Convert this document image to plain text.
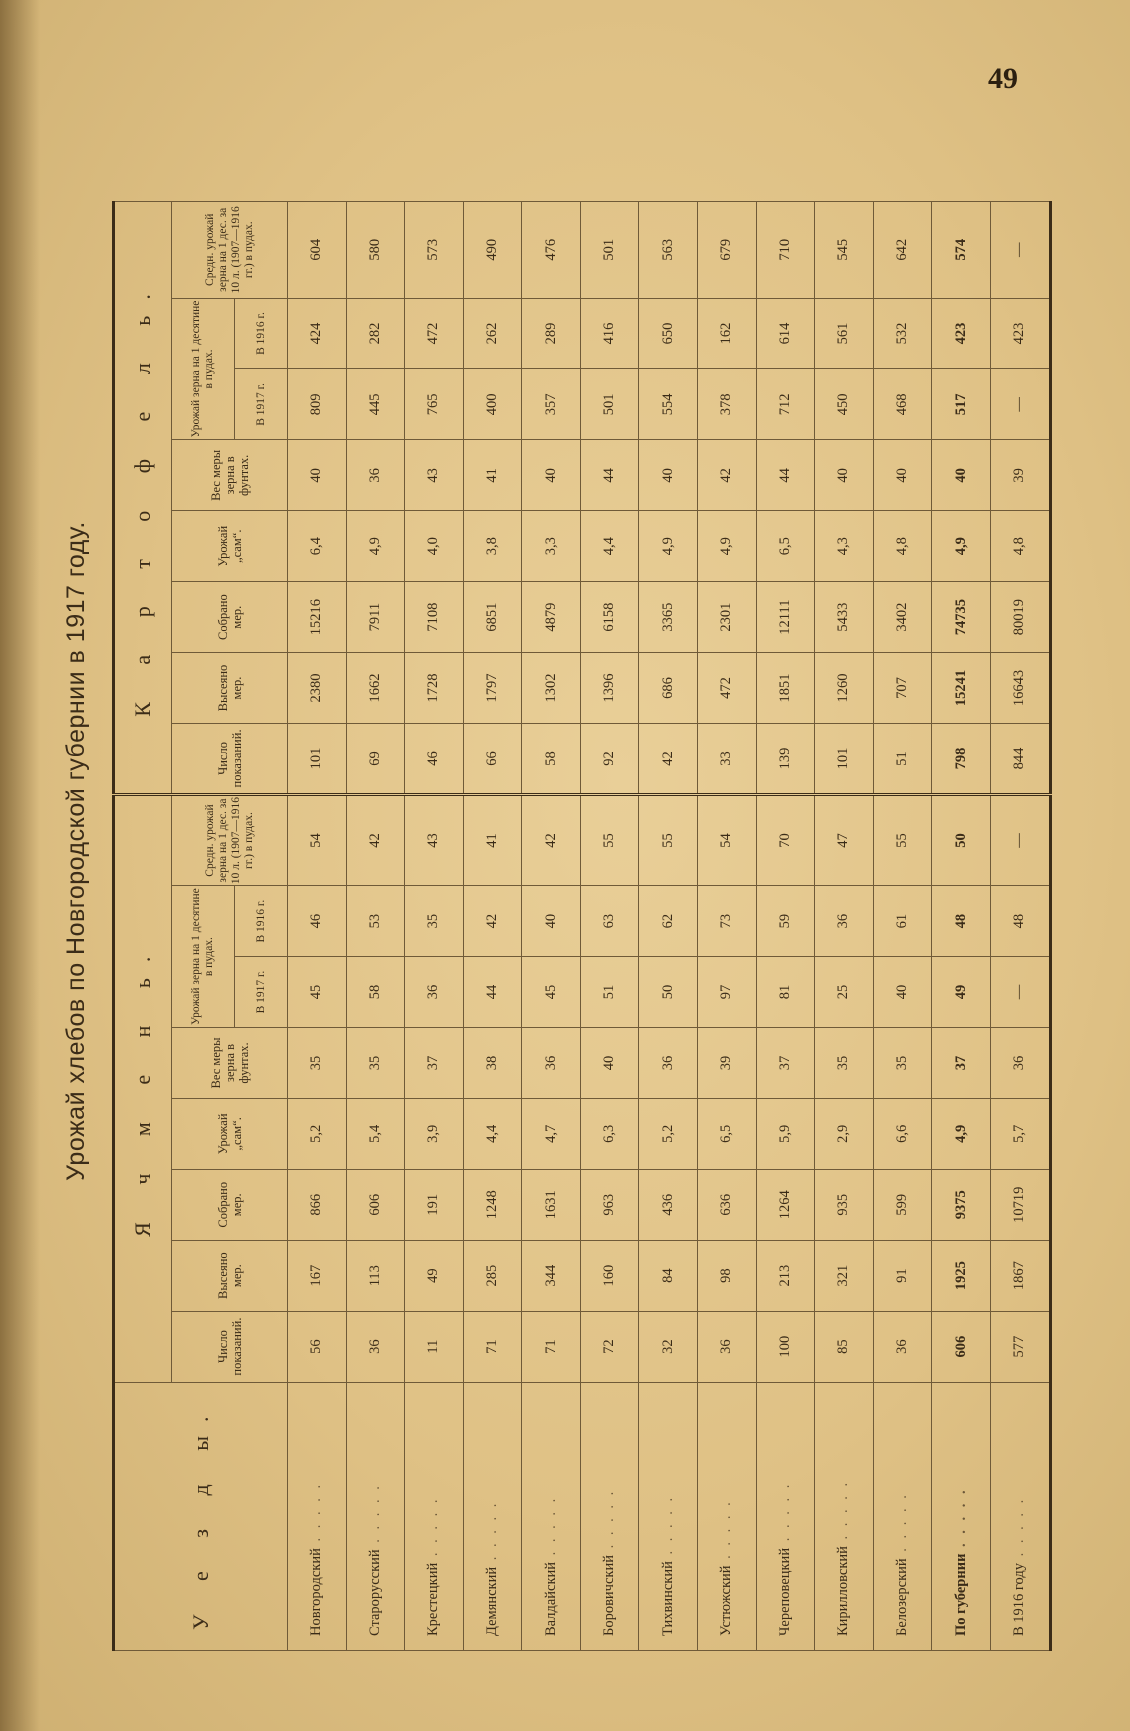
49
Урожай хлебов по Новгородской губернии в 1917 году.
У е з д ы.	Я ч м е н ь.								К а р т о ф е л ь.							
	Число показаний.	Высеяно мер.	Собрано мер.	Урожай „сам“.	Вес меры зерна в фунтах.	Урожай зерна на 1 десятине в пудах.		Средн. урожай зерна на 1 дес. за 10 л. (1907—1916 гг.) в пудах.	Число показаний.	Высеяно мер.	Собрано мер.	Урожай „сам“.	Вес меры зерна в фунтах.	Урожай зерна на 1 десятине в пудах.		Средн. урожай зерна на 1 дес. за 10 л. (1907—1916 гг.) в пудах.
						В 1917 г.	В 1916 г.							В 1917 г.	В 1916 г.	
Новгородский . . . . .	56	167	866	5,2	35	45	46	54	101	2380	15216	6,4	40	809	424	604
Старорусский . . . . .	36	113	606	5,4	35	58	53	42	69	1662	7911	4,9	36	445	282	580
Крестецкий . . . . .	11	49	191	3,9	37	36	35	43	46	1728	7108	4,0	43	765	472	573
Демянский . . . . .	71	285	1248	4,4	38	44	42	41	66	1797	6851	3,8	41	400	262	490
Валдайский . . . . .	71	344	1631	4,7	36	45	40	42	58	1302	4879	3,3	40	357	289	476
Боровичский . . . . .	72	160	963	6,3	40	51	63	55	92	1396	6158	4,4	44	501	416	501
Тихвинский . . . . .	32	84	436	5,2	36	50	62	55	42	686	3365	4,9	40	554	650	563
Устюжский . . . . .	36	98	636	6,5	39	97	73	54	33	472	2301	4,9	42	378	162	679
Череповецкий . . . . .	100	213	1264	5,9	37	81	59	70	139	1851	12111	6,5	44	712	614	710
Кирилловский . . . . .	85	321	935	2,9	35	25	36	47	101	1260	5433	4,3	40	450	561	545
Белозерский . . . . .	36	91	599	6,6	35	40	61	55	51	707	3402	4,8	40	468	532	642
По губернии . . . . .	606	1925	9375	4,9	37	49	48	50	798	15241	74735	4,9	40	517	423	574
В 1916 году . . . . .	577	1867	10719	5,7	36	—	48	—	844	16643	80019	4,8	39	—	423	—
